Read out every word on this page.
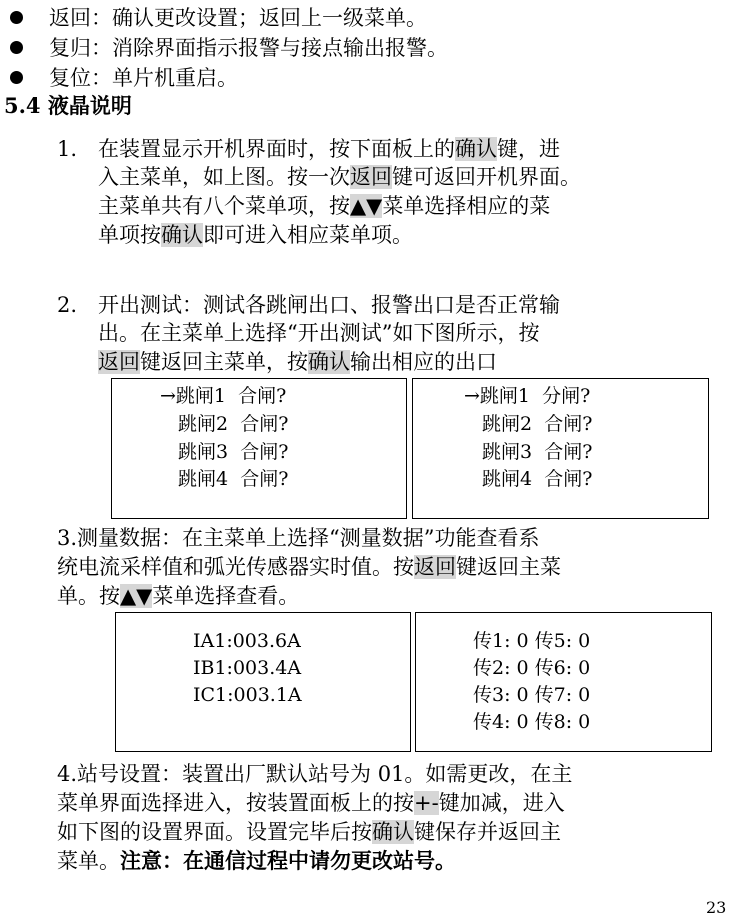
返回：确认更改设置；返回上一级菜单。
复归：消除界面指示报警与接点输出报警。
复位：单片机重启。
5.4 液晶说明
1. 在装置显示开机界面时，按下面板上的确认键，进
入主菜单，如上图。按一次返回键可返回开机界面。
主菜单共有八个菜单项，按▲▼菜单选择相应的菜
单项按确认即可进入相应菜单项。
2. 开出测试：测试各跳闸出口、报警出口是否正常输
出。在主菜单上选择“开出测试”如下图所示，按
返回键返回主菜单，按确认输出相应的出口
→跳闸1  合闸?
跳闸2  合闸?
跳闸3  合闸?
跳闸4  合闸?
→跳闸1  分闸?
跳闸2  合闸?
跳闸3  合闸?
跳闸4  合闸?
3.测量数据：在主菜单上选择“测量数据”功能查看系
统电流采样值和弧光传感器实时值。按返回键返回主菜
单。按▲▼菜单选择查看。
IA1:003.6A
IB1:003.4A
IC1:003.1A
传1: 0 传5: 0
传2: 0 传6: 0
传3: 0 传7: 0
传4: 0 传8: 0
4.站号设置：装置出厂默认站号为 01。如需更改，在主
菜单界面选择进入，按装置面板上的按+-键加减，进入
如下图的设置界面。设置完毕后按确认键保存并返回主
菜单。注意：在通信过程中请勿更改站号。
23
